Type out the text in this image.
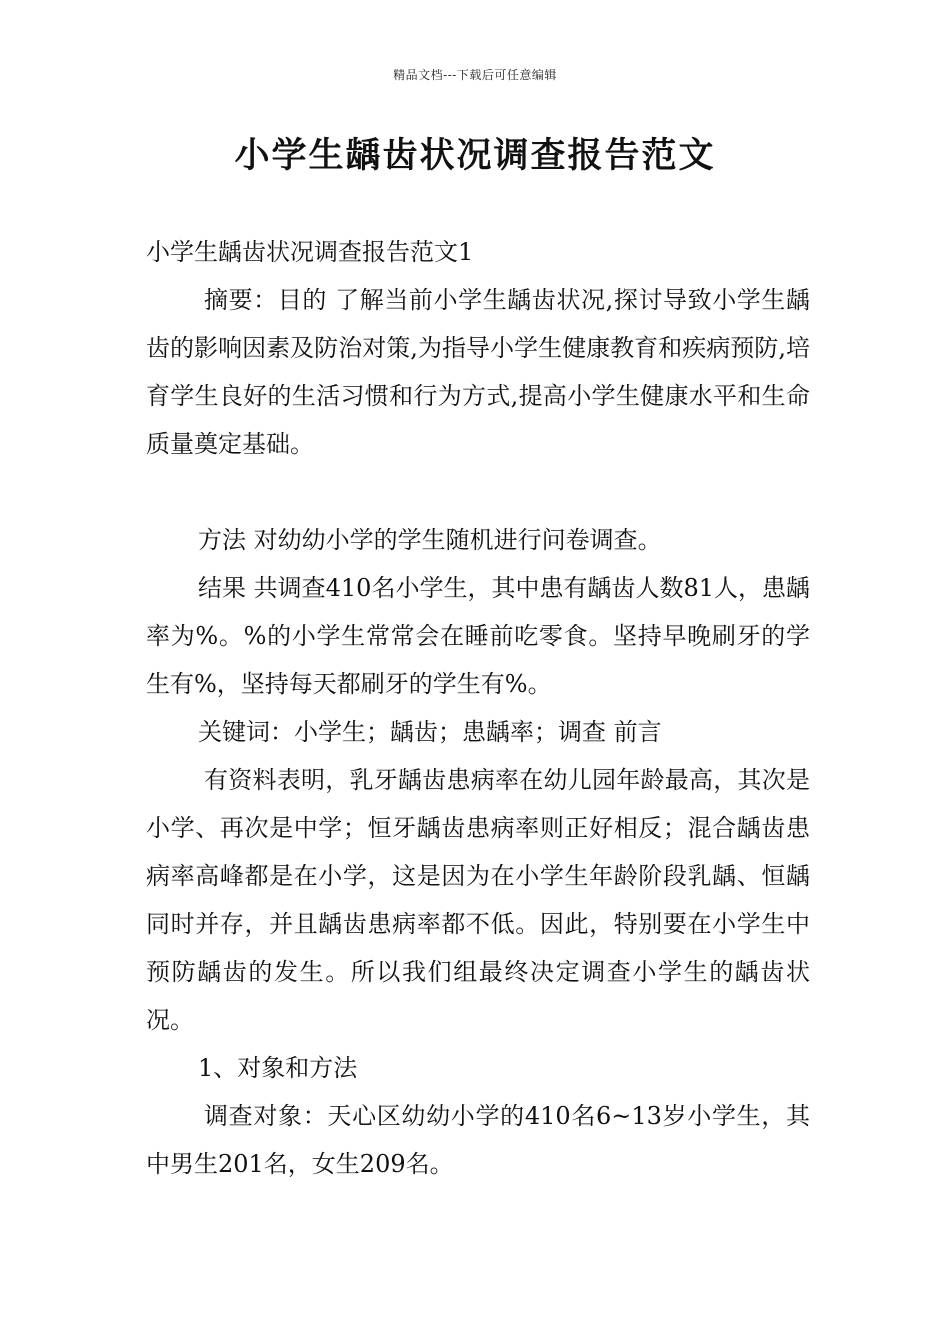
精品文档---下载后可任意编辑
小学生龋齿状况调查报告范文

小学生龋齿状况调查报告范文1

摘要：目的 了解当前小学生龋齿状况,探讨导致小学生龋齿的影响因素及防治对策,为指导小学生健康教育和疾病预防,培育学生良好的生活习惯和行为方式,提高小学生健康水平和生命质量奠定基础。

方法 对幼幼小学的学生随机进行问卷调查。

结果 共调查410名小学生，其中患有龋齿人数81人，患龋率为%。%的小学生常常会在睡前吃零食。坚持早晚刷牙的学生有%，坚持每天都刷牙的学生有%。

关键词：小学生；龋齿；患龋率；调查 前言

有资料表明，乳牙龋齿患病率在幼儿园年龄最高，其次是小学、再次是中学；恒牙龋齿患病率则正好相反；混合龋齿患病率高峰都是在小学，这是因为在小学生年龄阶段乳龋、恒龋同时并存，并且龋齿患病率都不低。因此，特别要在小学生中预防龋齿的发生。所以我们组最终决定调查小学生的龋齿状况。

1、对象和方法

调查对象：天心区幼幼小学的410名6~13岁小学生，其中男生201名，女生209名。
